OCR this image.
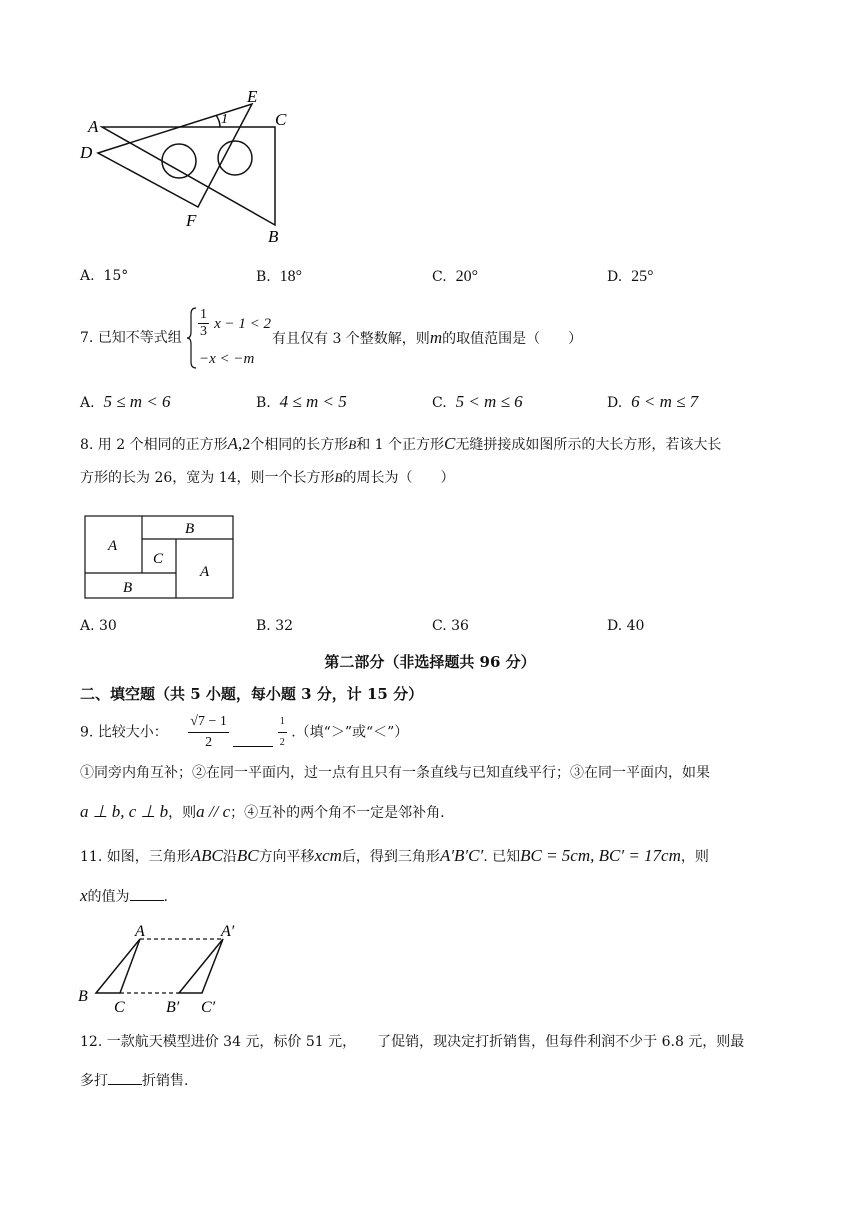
A
D
E
C
1
F
B
A. 15°	B. 18°	C. 20°	D. 25°
7. 已知不等式组 $\frac{1}{3}$ x − 1 < 2
−x < −m
有且仅有 3 个整数解，则m的取值范围是（　　）
A. 5 ≤ m < 6	B. 4 ≤ m < 5	C. 5 < m ≤ 6	D. 6 < m ≤ 7
8. 用 2 个相同的正方形A,2个相同的长方形B和 1 个正方形C无缝拼接成如图所示的大长方形，若该大长
方形的长为 26，宽为 14，则一个长方形B的周长为（　　）
A
B
C
A
B
A. 30	B. 32	C. 36	D. 40
第二部分（非选择题共 96 分）
二、填空题（共 5 小题，每小题 3 分，计 15 分）
9. 比较大小： $\frac{√7 - 1}{2}$
	$\frac{1}{2}$ .（填“＞”或“＜”）
①同旁内角互补；②在同一平面内，过一点有且只有一条直线与已知直线平行；③在同一平面内，如果
a ⊥ b, c ⊥ b，则a // c；④互补的两个角不一定是邻补角.
11. 如图，三角形ABC沿BC方向平移xcm后，得到三角形A′B′C′. 已知BC = 5cm, BC′ = 17cm，则
x的值为 .
A	A′
B
C	B′ C′
12. 一款航天模型进价 34 元，标价 51 元，　　了促销，现决定打折销售，但每件利润不少于 6.8 元，则最
多打 折销售.
